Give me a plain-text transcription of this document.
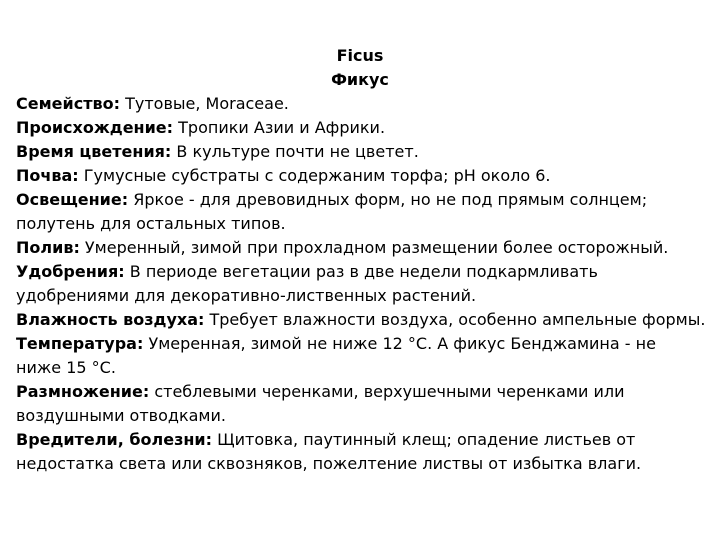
Ficus
Фикус

Семейство: Тутовые, Moraceae.

Происхождение: Тропики Азии и Африки.

Время цветения: В культуре почти не цветет.

Почва: Гумусные субстраты с содержаним торфа; pH около 6.

Освещение: Яркое - для древовидных форм, но не под прямым солнцем; полутень для остальных типов.

Полив: Умеренный, зимой при прохладном размещении более осторожный.

Удобрения: В периоде вегетации раз в две недели подкармливать удобрениями для декоративно-лиственных растений.

Влажность воздуха: Требует влажности воздуха, особенно ампельные формы.

Температура: Умеренная, зимой не ниже 12 °С. А фикус Бенджамина - не ниже 15 °С.

Размножение: стеблевыми черенками, верхушечными черенками или воздушными отводками.

Вредители, болезни: Щитовка, паутинный клещ; опадение листьев от недостатка света или сквозняков, пожелтение листвы от избытка влаги.
